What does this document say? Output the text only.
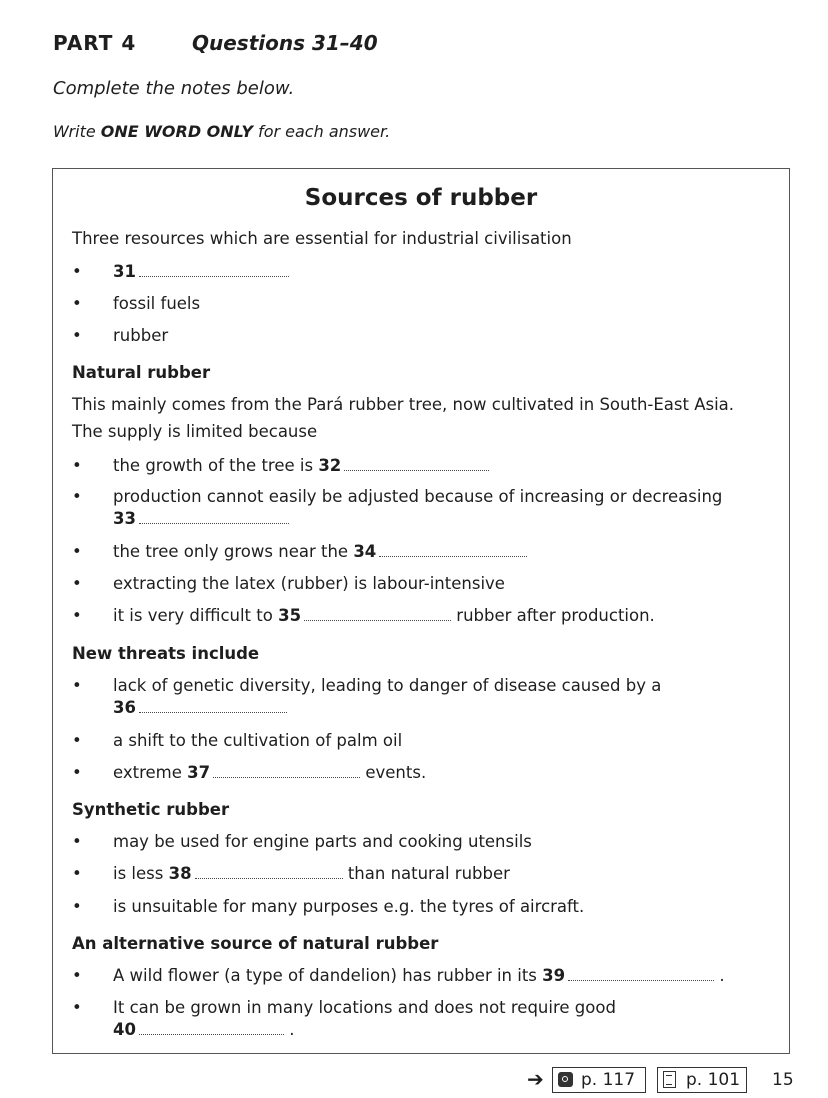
PART 4	Questions 31–40
Complete the notes below.
Write ONE WORD ONLY for each answer.
Sources of rubber
Three resources which are essential for industrial civilisation
• 31
• fossil fuels
• rubber
Natural rubber
This mainly comes from the Pará rubber tree, now cultivated in South-East Asia.
The supply is limited because
• the growth of the tree is 32
• production cannot easily be adjusted because of increasing or decreasing
33
• the tree only grows near the 34
• extracting the latex (rubber) is labour-intensive
• it is very difficult to 35	rubber after production.
New threats include
• lack of genetic diversity, leading to danger of disease caused by a
36
• a shift to the cultivation of palm oil
• extreme 37	events.
Synthetic rubber
• may be used for engine parts and cooking utensils
• is less 38	than natural rubber
• is unsuitable for many purposes e.g. the tyres of aircraft.
An alternative source of natural rubber
• A wild flower (a type of dandelion) has rubber in its 39	.
• It can be grown in many locations and does not require good
40	.
➔ p. 117	p. 101 15
